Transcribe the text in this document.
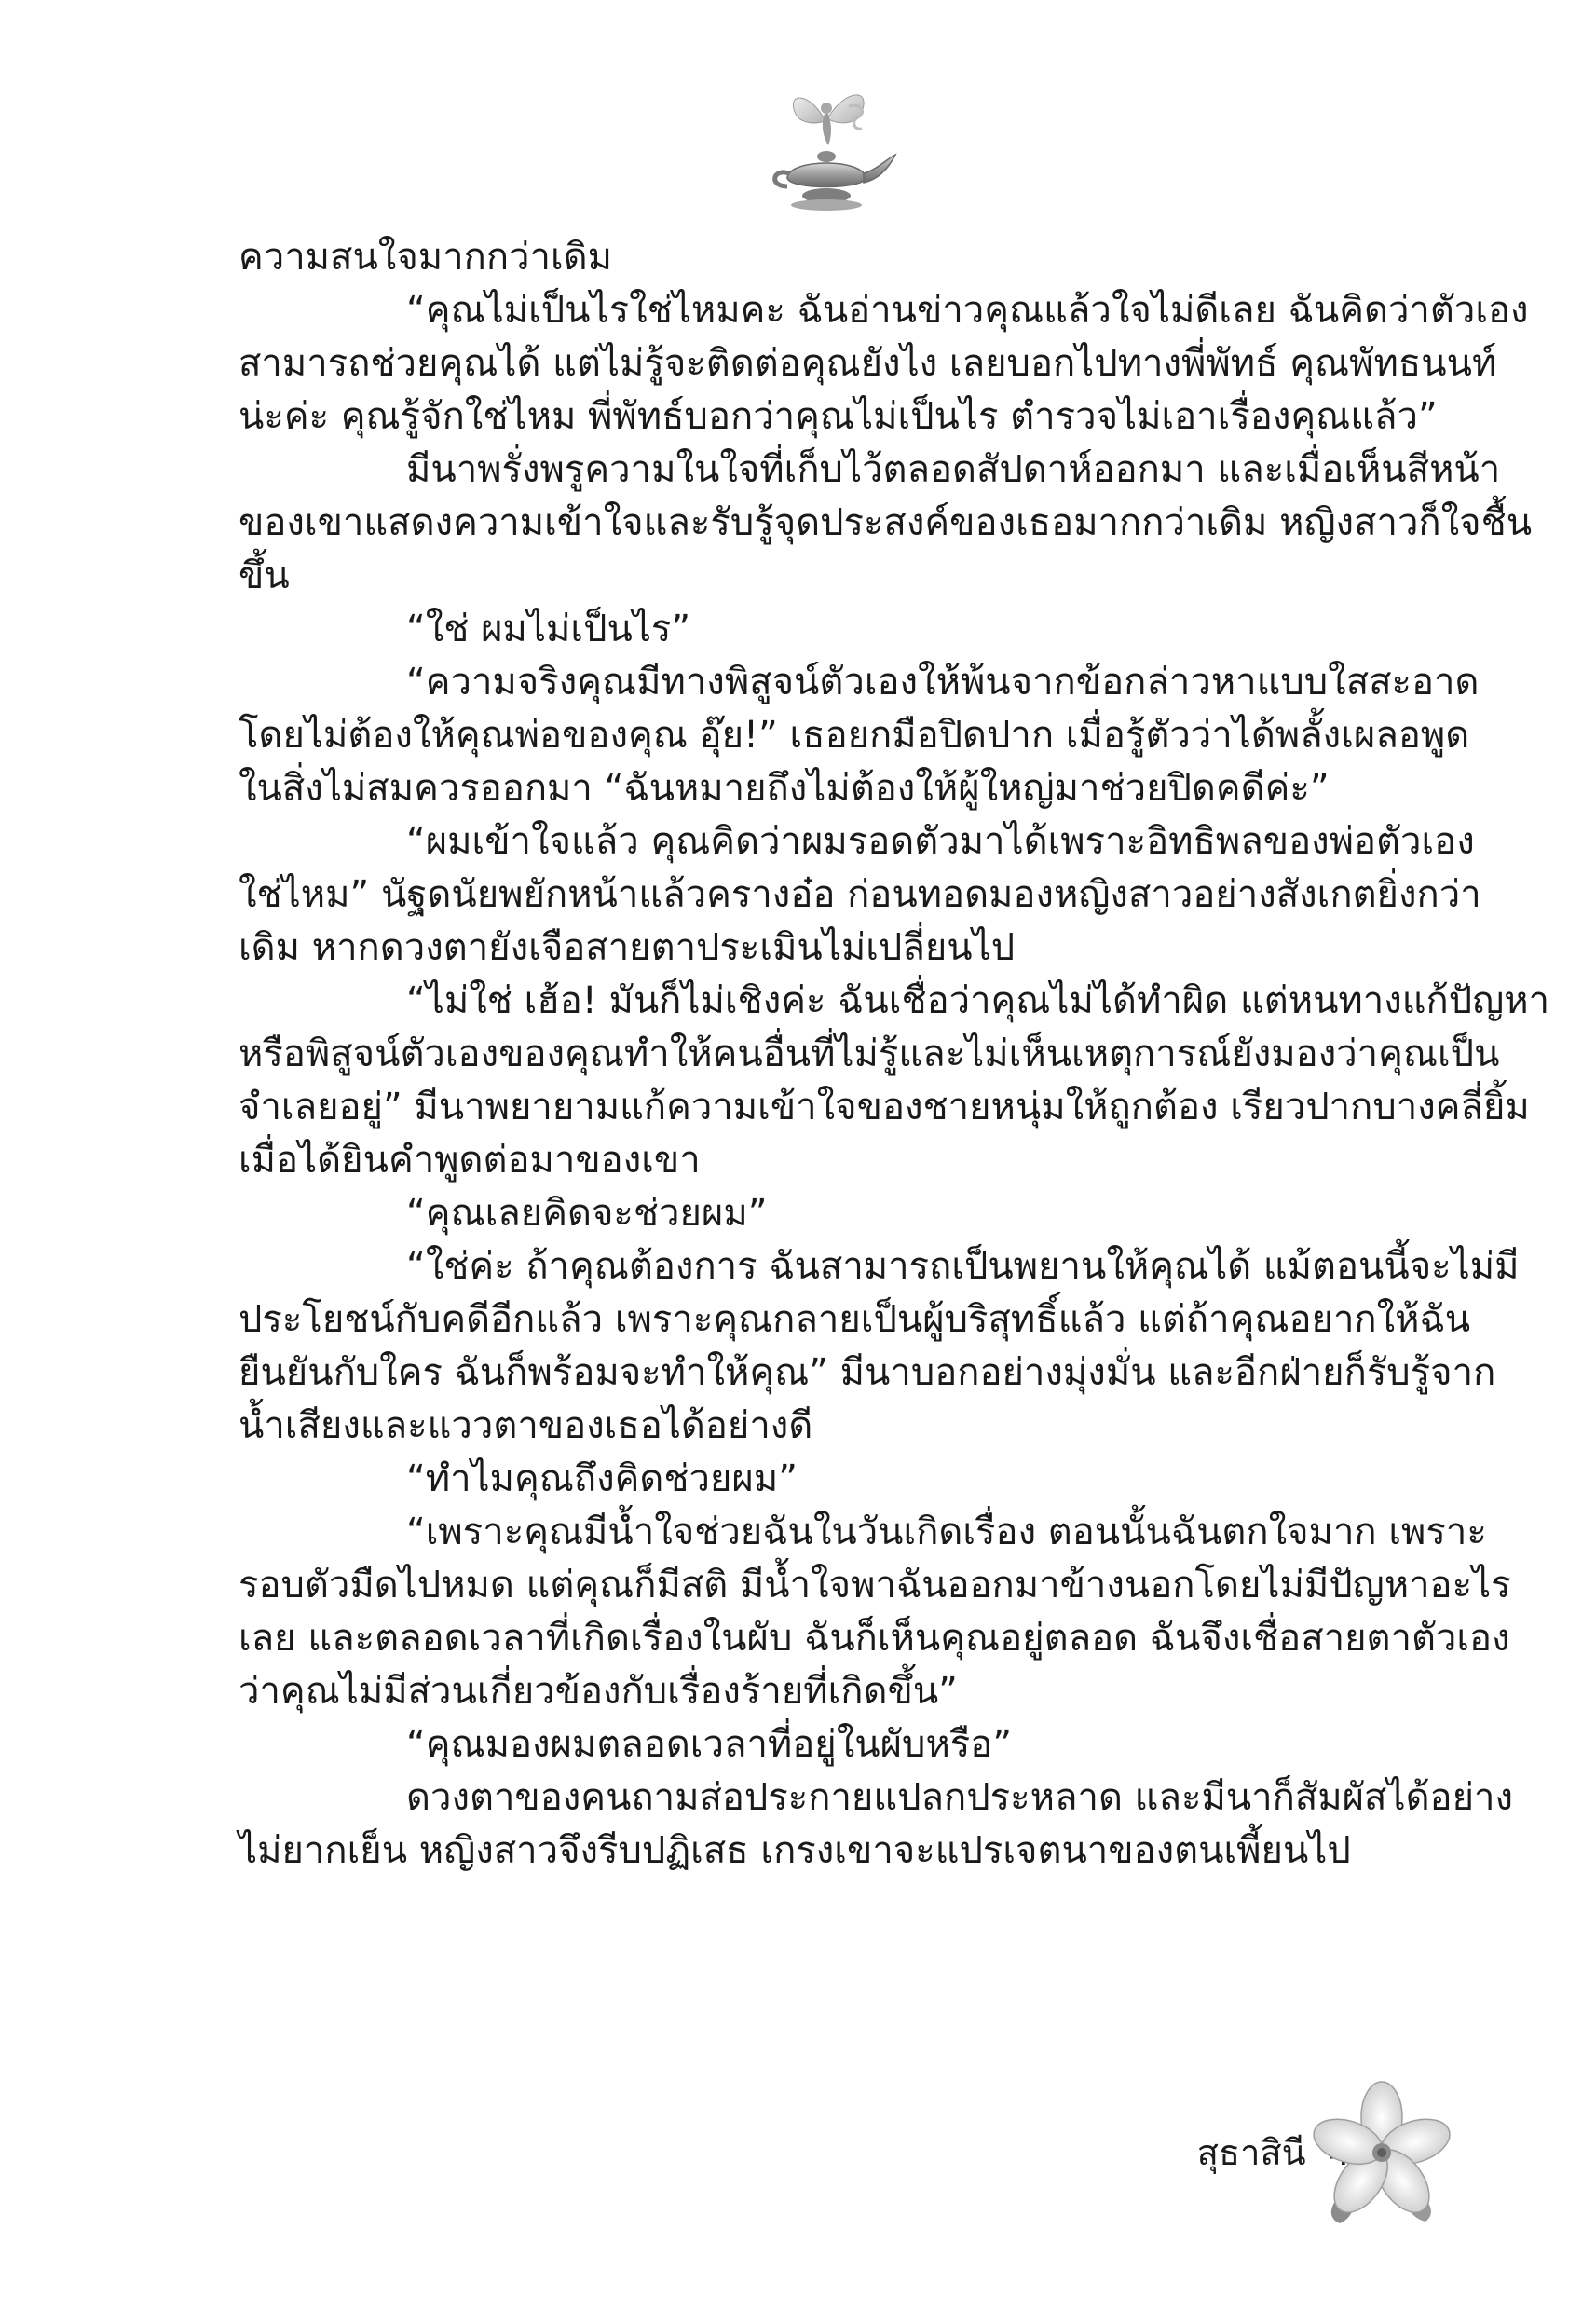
ความสนใจมากกว่าเดิม
“คุณไม่เป็นไรใช่ไหมคะ ฉันอ่านข่าวคุณแล้วใจไม่ดีเลย ฉันคิดว่าตัวเอง
สามารถช่วยคุณได้ แต่ไม่รู้จะติดต่อคุณยังไง เลยบอกไปทางพี่พัทธ์ คุณพัทธนนท์
น่ะค่ะ คุณรู้จักใช่ไหม พี่พัทธ์บอกว่าคุณไม่เป็นไร ตำรวจไม่เอาเรื่องคุณแล้ว”
มีนาพรั่งพรูความในใจที่เก็บไว้ตลอดสัปดาห์ออกมา และเมื่อเห็นสีหน้า
ของเขาแสดงความเข้าใจและรับรู้จุดประสงค์ของเธอมากกว่าเดิม หญิงสาวก็ใจชื้น
ขึ้น
“ใช่ ผมไม่เป็นไร”
“ความจริงคุณมีทางพิสูจน์ตัวเองให้พ้นจากข้อกล่าวหาแบบใสสะอาด
โดยไม่ต้องให้คุณพ่อของคุณ อุ๊ย!” เธอยกมือปิดปาก เมื่อรู้ตัวว่าได้พลั้งเผลอพูด
ในสิ่งไม่สมควรออกมา “ฉันหมายถึงไม่ต้องให้ผู้ใหญ่มาช่วยปิดคดีค่ะ”
“ผมเข้าใจแล้ว คุณคิดว่าผมรอดตัวมาได้เพราะอิทธิพลของพ่อตัวเอง
ใช่ไหม” นัฐดนัยพยักหน้าแล้วครางอ๋อ ก่อนทอดมองหญิงสาวอย่างสังเกตยิ่งกว่า
เดิม หากดวงตายังเจือสายตาประเมินไม่เปลี่ยนไป
“ไม่ใช่ เฮ้อ! มันก็ไม่เชิงค่ะ ฉันเชื่อว่าคุณไม่ได้ทำผิด แต่หนทางแก้ปัญหา
หรือพิสูจน์ตัวเองของคุณทำให้คนอื่นที่ไม่รู้และไม่เห็นเหตุการณ์ยังมองว่าคุณเป็น
จำเลยอยู่” มีนาพยายามแก้ความเข้าใจของชายหนุ่มให้ถูกต้อง เรียวปากบางคลี่ยิ้ม
เมื่อได้ยินคำพูดต่อมาของเขา
“คุณเลยคิดจะช่วยผม”
“ใช่ค่ะ ถ้าคุณต้องการ ฉันสามารถเป็นพยานให้คุณได้ แม้ตอนนี้จะไม่มี
ประโยชน์กับคดีอีกแล้ว เพราะคุณกลายเป็นผู้บริสุทธิ์แล้ว แต่ถ้าคุณอยากให้ฉัน
ยืนยันกับใคร ฉันก็พร้อมจะทำให้คุณ” มีนาบอกอย่างมุ่งมั่น และอีกฝ่ายก็รับรู้จาก
น้ำเสียงและแววตาของเธอได้อย่างดี
“ทำไมคุณถึงคิดช่วยผม”
“เพราะคุณมีน้ำใจช่วยฉันในวันเกิดเรื่อง ตอนนั้นฉันตกใจมาก เพราะ
รอบตัวมืดไปหมด แต่คุณก็มีสติ มีน้ำใจพาฉันออกมาข้างนอกโดยไม่มีปัญหาอะไร
เลย และตลอดเวลาที่เกิดเรื่องในผับ ฉันก็เห็นคุณอยู่ตลอด ฉันจึงเชื่อสายตาตัวเอง
ว่าคุณไม่มีส่วนเกี่ยวข้องกับเรื่องร้ายที่เกิดขึ้น”
“คุณมองผมตลอดเวลาที่อยู่ในผับหรือ”
ดวงตาของคนถามส่อประกายแปลกประหลาด และมีนาก็สัมผัสได้อย่าง
ไม่ยากเย็น หญิงสาวจึงรีบปฏิเสธ เกรงเขาจะแปรเจตนาของตนเพี้ยนไป
สุธาสินี
